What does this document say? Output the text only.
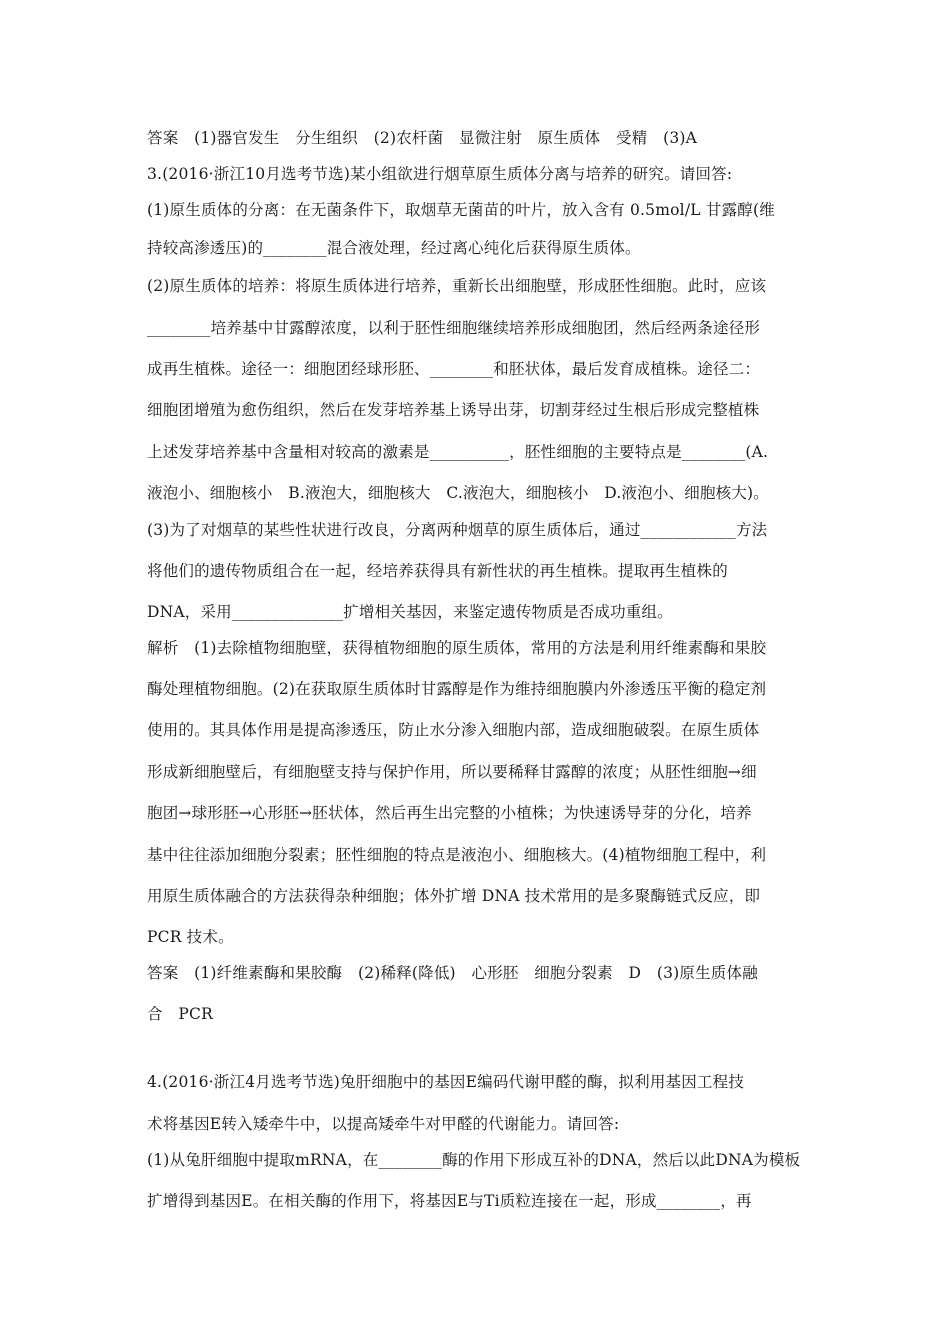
答案　(1)器官发生　分生组织　(2)农杆菌　显微注射　原生质体　受精　(3)A
3.(2016·浙江10月选考节选)某小组欲进行烟草原生质体分离与培养的研究。请回答:
(1)原生质体的分离：在无菌条件下，取烟草无菌苗的叶片，放入含有 0.5mol/L 甘露醇(维
持较高渗透压)的________混合液处理，经过离心纯化后获得原生质体。
(2)原生质体的培养：将原生质体进行培养，重新长出细胞壁，形成胚性细胞。此时，应该
________培养基中甘露醇浓度，以利于胚性细胞继续培养形成细胞团，然后经两条途径形
成再生植株。途径一：细胞团经球形胚、________和胚状体，最后发育成植株。途径二：
细胞团增殖为愈伤组织，然后在发芽培养基上诱导出芽，切割芽经过生根后形成完整植株
上述发芽培养基中含量相对较高的激素是__________，胚性细胞的主要特点是________(A.
液泡小、细胞核小　B.液泡大，细胞核大　C.液泡大，细胞核小　D.液泡小、细胞核大)。
(3)为了对烟草的某些性状进行改良，分离两种烟草的原生质体后，通过____________方法
将他们的遗传物质组合在一起，经培养获得具有新性状的再生植株。提取再生植株的
DNA，采用______________扩增相关基因，来鉴定遗传物质是否成功重组。
解析　(1)去除植物细胞壁，获得植物细胞的原生质体，常用的方法是利用纤维素酶和果胶
酶处理植物细胞。(2)在获取原生质体时甘露醇是作为维持细胞膜内外渗透压平衡的稳定剂
使用的。其具体作用是提高渗透压，防止水分渗入细胞内部，造成细胞破裂。在原生质体
形成新细胞壁后，有细胞壁支持与保护作用，所以要稀释甘露醇的浓度；从胚性细胞→细
胞团→球形胚→心形胚→胚状体，然后再生出完整的小植株；为快速诱导芽的分化，培养
基中往往添加细胞分裂素；胚性细胞的特点是液泡小、细胞核大。(4)植物细胞工程中，利
用原生质体融合的方法获得杂种细胞；体外扩增 DNA 技术常用的是多聚酶链式反应，即
PCR 技术。
答案　(1)纤维素酶和果胶酶　(2)稀释(降低)　心形胚　细胞分裂素　D　(3)原生质体融
合　PCR
4.(2016·浙江4月选考节选)兔肝细胞中的基因E编码代谢甲醛的酶，拟利用基因工程技
术将基因E转入矮牵牛中，以提高矮牵牛对甲醛的代谢能力。请回答:
(1)从兔肝细胞中提取mRNA，在________酶的作用下形成互补的DNA，然后以此DNA为模板
扩增得到基因E。在相关酶的作用下，将基因E与Ti质粒连接在一起，形成________，再
